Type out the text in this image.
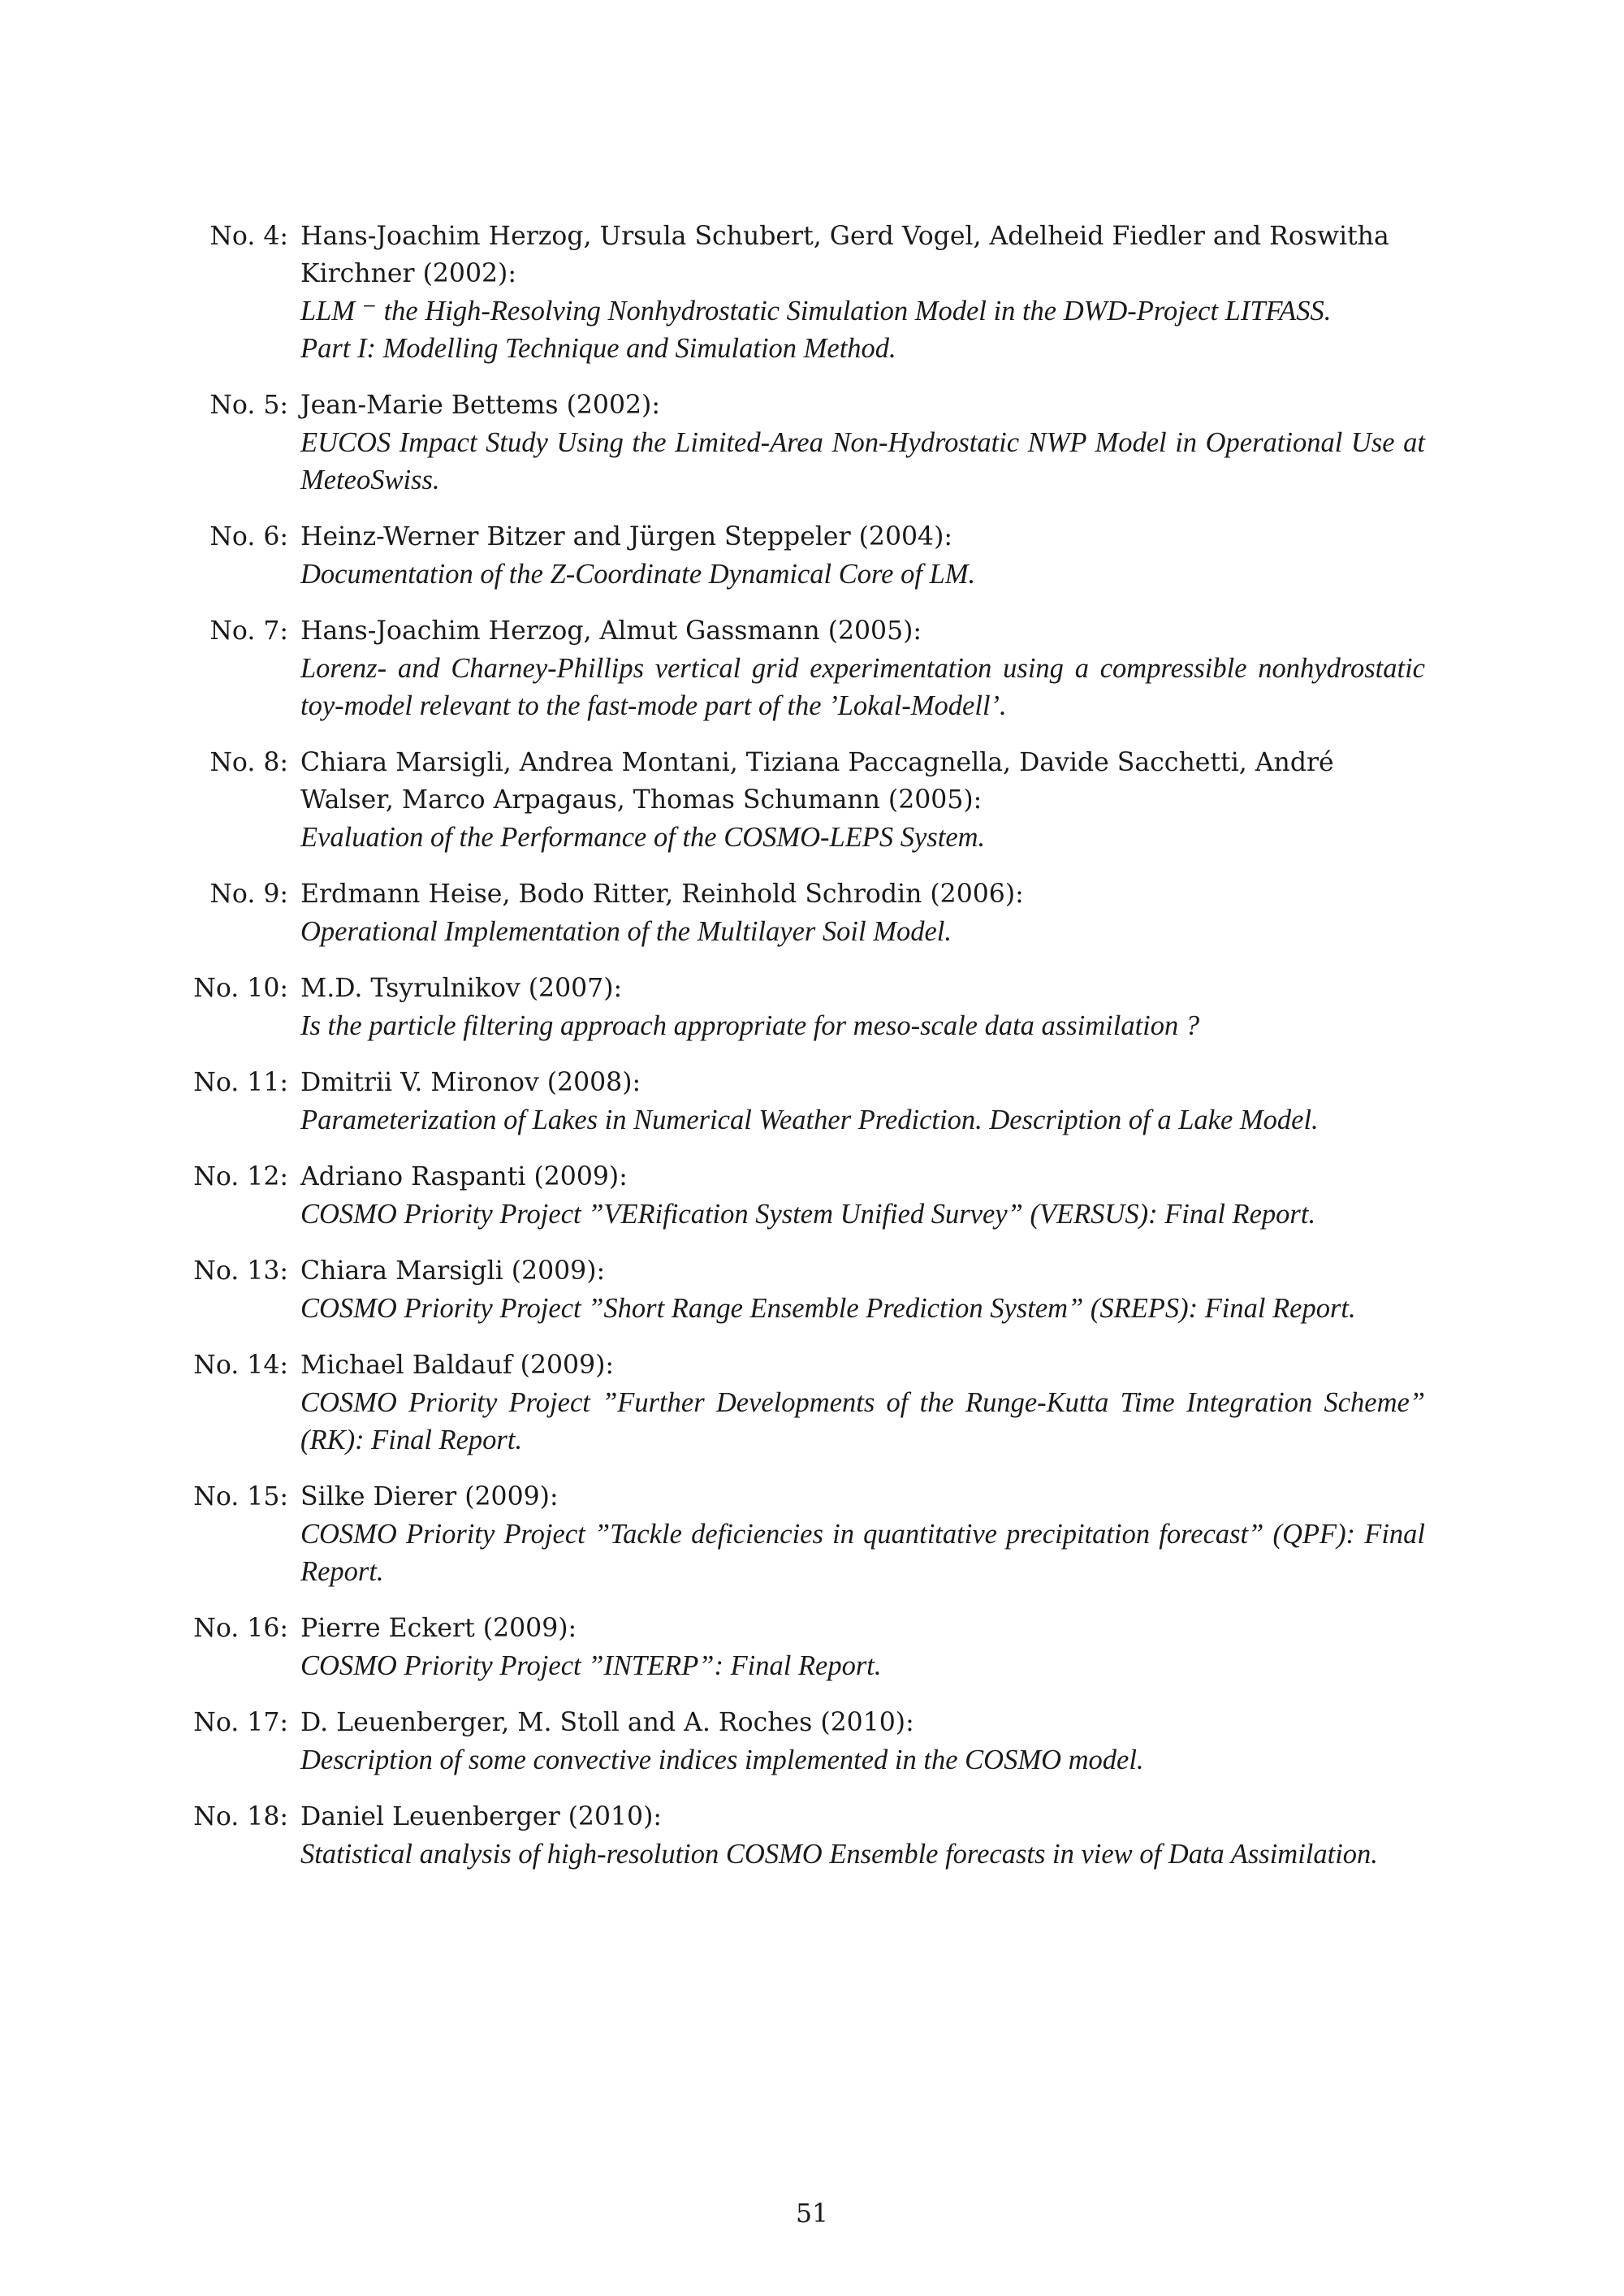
No. 4: Hans-Joachim Herzog, Ursula Schubert, Gerd Vogel, Adelheid Fiedler and Roswitha Kirchner (2002):
LLM ⁻ the High-Resolving Nonhydrostatic Simulation Model in the DWD-Project LITFASS.
Part I: Modelling Technique and Simulation Method.
No. 5: Jean-Marie Bettems (2002):
EUCOS Impact Study Using the Limited-Area Non-Hydrostatic NWP Model in Operational Use at MeteoSwiss.
No. 6: Heinz-Werner Bitzer and Jürgen Steppeler (2004):
Documentation of the Z-Coordinate Dynamical Core of LM.
No. 7: Hans-Joachim Herzog, Almut Gassmann (2005):
Lorenz- and Charney-Phillips vertical grid experimentation using a compressible nonhydrostatic toy-model relevant to the fast-mode part of the ’Lokal-Modell’.
No. 8: Chiara Marsigli, Andrea Montani, Tiziana Paccagnella, Davide Sacchetti, André Walser, Marco Arpagaus, Thomas Schumann (2005):
Evaluation of the Performance of the COSMO-LEPS System.
No. 9: Erdmann Heise, Bodo Ritter, Reinhold Schrodin (2006):
Operational Implementation of the Multilayer Soil Model.
No. 10: M.D. Tsyrulnikov (2007):
Is the particle filtering approach appropriate for meso-scale data assimilation ?
No. 11: Dmitrii V. Mironov (2008):
Parameterization of Lakes in Numerical Weather Prediction. Description of a Lake Model.
No. 12: Adriano Raspanti (2009):
COSMO Priority Project ”VERification System Unified Survey” (VERSUS): Final Report.
No. 13: Chiara Marsigli (2009):
COSMO Priority Project ”Short Range Ensemble Prediction System” (SREPS): Final Report.
No. 14: Michael Baldauf (2009):
COSMO Priority Project ”Further Developments of the Runge-Kutta Time Integration Scheme” (RK): Final Report.
No. 15: Silke Dierer (2009):
COSMO Priority Project ”Tackle deficiencies in quantitative precipitation forecast” (QPF): Final Report.
No. 16: Pierre Eckert (2009):
COSMO Priority Project ”INTERP”: Final Report.
No. 17: D. Leuenberger, M. Stoll and A. Roches (2010):
Description of some convective indices implemented in the COSMO model.
No. 18: Daniel Leuenberger (2010):
Statistical analysis of high-resolution COSMO Ensemble forecasts in view of Data Assimilation.
51
